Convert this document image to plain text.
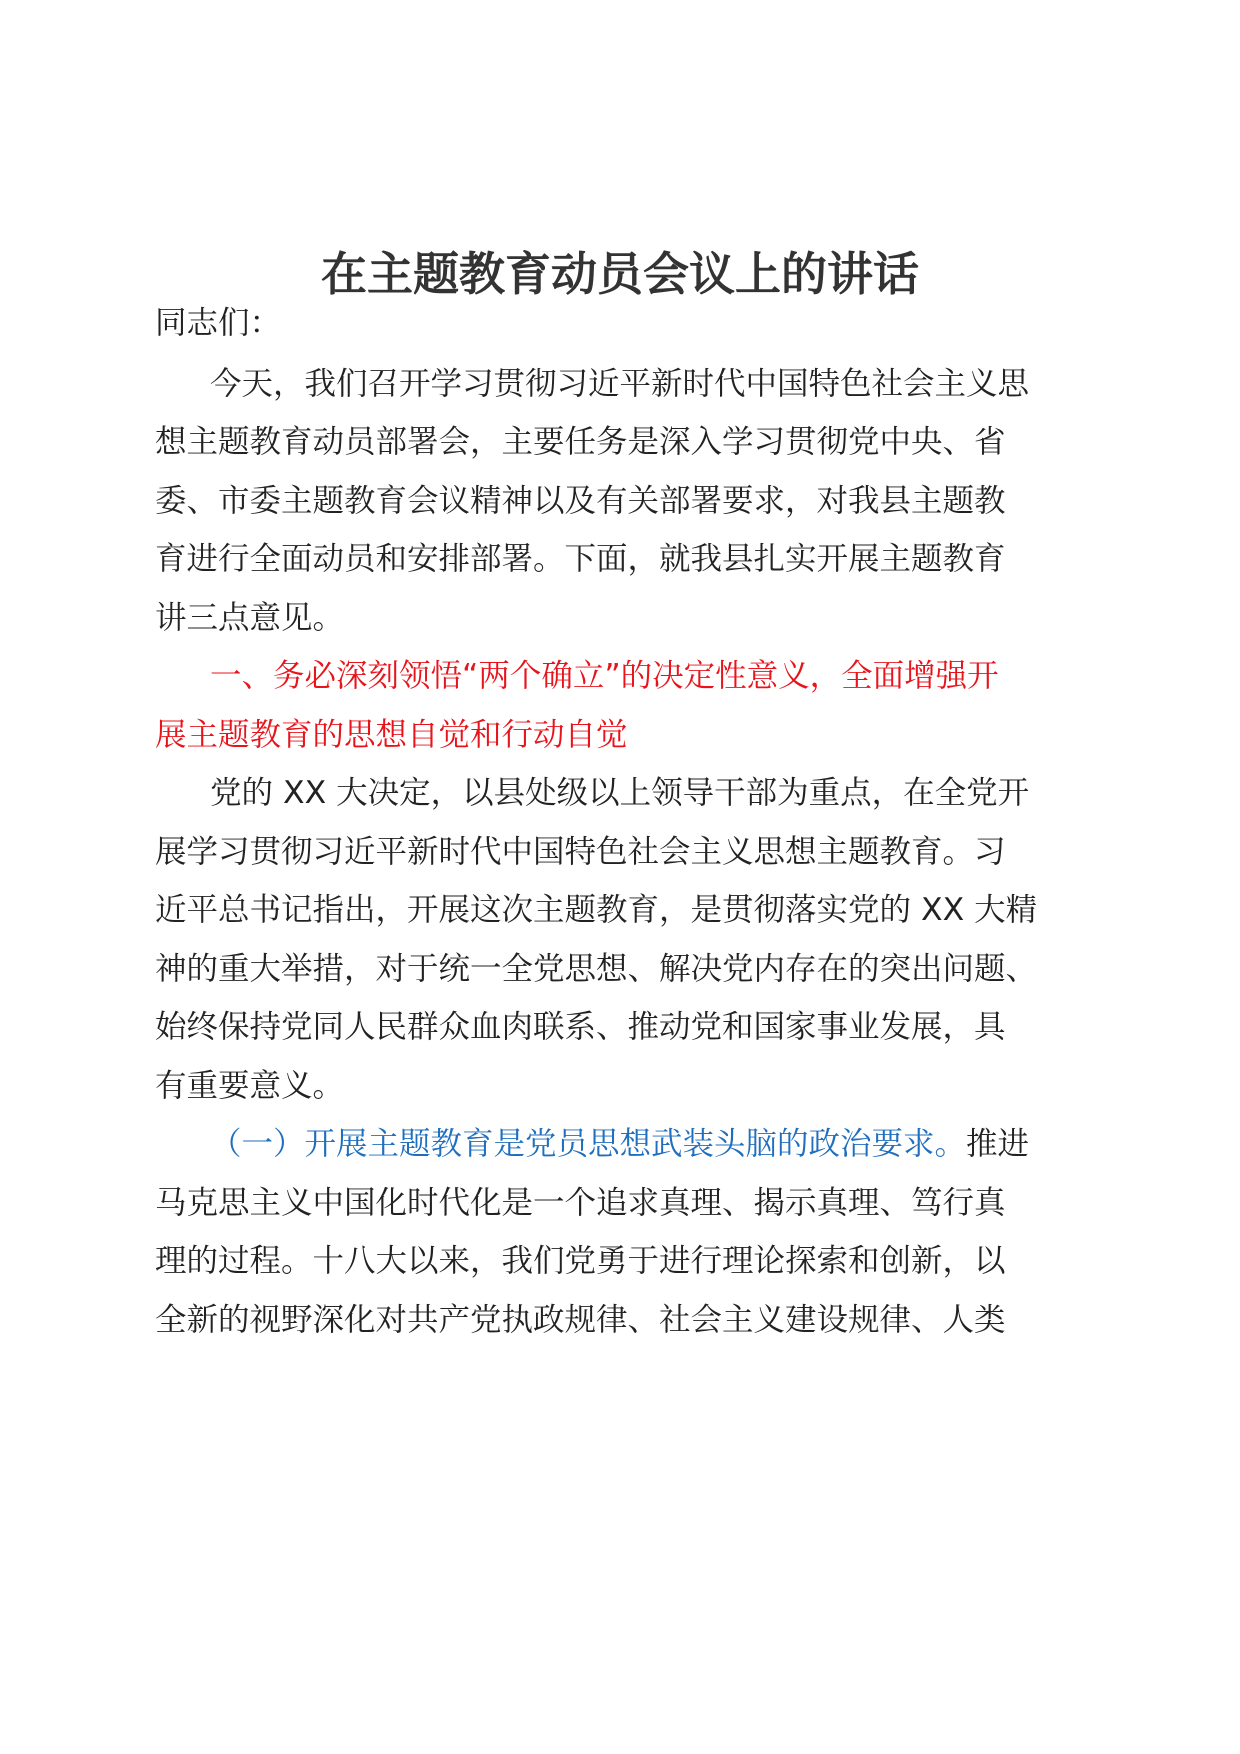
在主题教育动员会议上的讲话

同志们：

今天，我们召开学习贯彻习近平新时代中国特色社会主义思

想主题教育动员部署会，主要任务是深入学习贯彻党中央、省

委、市委主题教育会议精神以及有关部署要求，对我县主题教

育进行全面动员和安排部署。下面，就我县扎实开展主题教育

讲三点意见。

一、务必深刻领悟“两个确立”的决定性意义，全面增强开

展主题教育的思想自觉和行动自觉

党的 XX 大决定，以县处级以上领导干部为重点，在全党开

展学习贯彻习近平新时代中国特色社会主义思想主题教育。习

近平总书记指出，开展这次主题教育，是贯彻落实党的 XX 大精

神的重大举措，对于统一全党思想、解决党内存在的突出问题、

始终保持党同人民群众血肉联系、推动党和国家事业发展，具

有重要意义。

（一）开展主题教育是党员思想武装头脑的政治要求。推进

马克思主义中国化时代化是一个追求真理、揭示真理、笃行真

理的过程。十八大以来，我们党勇于进行理论探索和创新，以

全新的视野深化对共产党执政规律、社会主义建设规律、人类
